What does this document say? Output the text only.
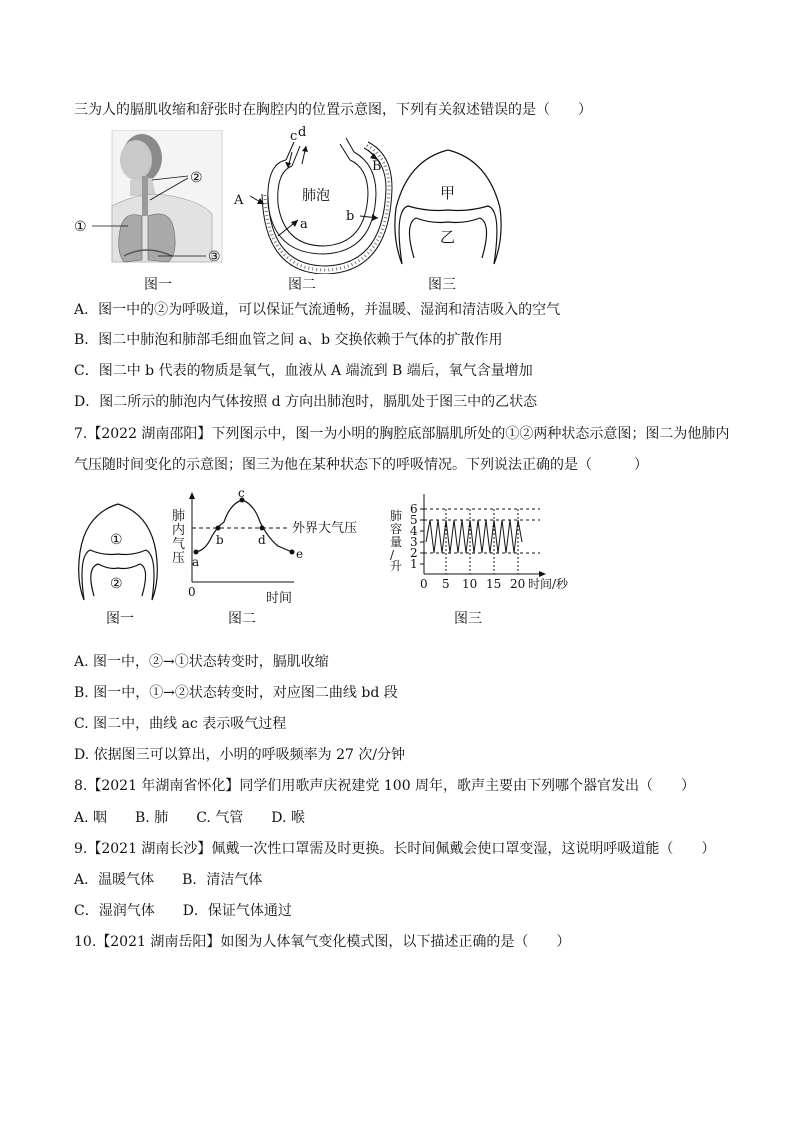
三为人的膈肌收缩和舒张时在胸腔内的位置示意图，下列有关叙述错误的是（　　）
②
①
③
图一
c d
肺泡
a
b
A
B
图二
甲
乙
图三
A．图一中的②为呼吸道，可以保证气流通畅，并温暖、湿润和清洁吸入的空气
B．图二中肺泡和肺部毛细血管之间 a、b 交换依赖于气体的扩散作用
C．图二中 b 代表的物质是氧气，血液从 A 端流到 B 端后，氧气含量增加
D．图二所示的肺泡内气体按照 d 方向出肺泡时，膈肌处于图三中的乙状态
7.【2022 湖南邵阳】下列图示中，图一为小明的胸腔底部膈肌所处的①②两种状态示意图；图二为他肺内
气压随时间变化的示意图；图三为他在某种状态下的呼吸情况。下列说法正确的是（　　　）
①
②
图一
肺内气压 a
b
c
d
e
外界大气压
0	时间
图二
1
2
3
4
5
6
肺容量/升
0 5 10 15 20 时间/秒
图三
A. 图一中，②→①状态转变时，膈肌收缩
B. 图一中，①→②状态转变时，对应图二曲线 bd 段
C. 图二中，曲线 ac 表示吸气过程
D. 依据图三可以算出，小明的呼吸频率为 27 次/分钟
8.【2021 年湖南省怀化】同学们用歌声庆祝建党 100 周年，歌声主要由下列哪个器官发出（　　）
A. 咽　　B. 肺　　C. 气管　　D. 喉
9.【2021 湖南长沙】佩戴一次性口罩需及时更换。长时间佩戴会使口罩变湿，这说明呼吸道能（　　）
A．温暖气体　　B．清洁气体
C．湿润气体　　D．保证气体通过
10.【2021 湖南岳阳】如图为人体氧气变化模式图，以下描述正确的是（　　）
